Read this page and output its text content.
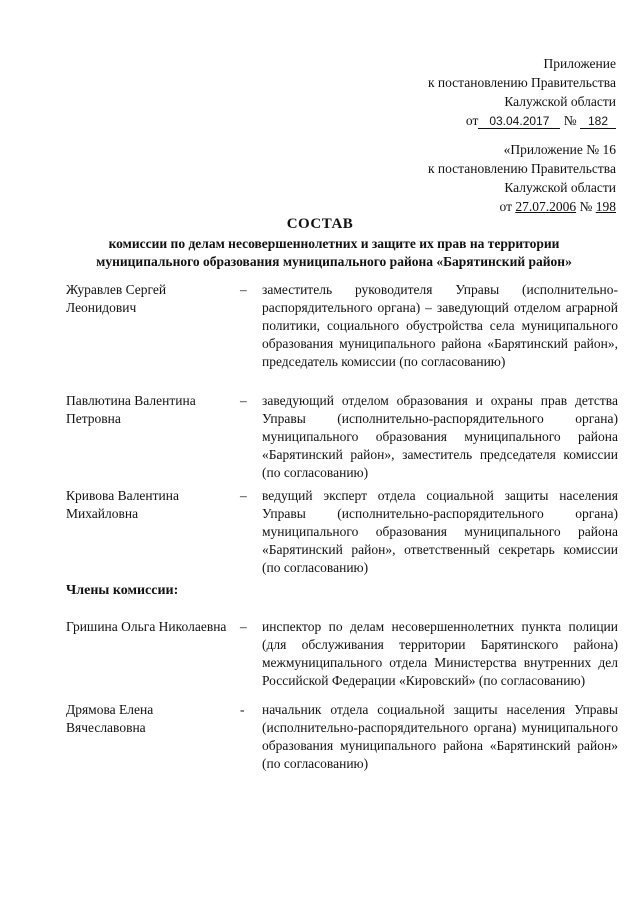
Приложение
к постановлению Правительства
Калужской области
от 03.04.2017 № 182
«Приложение № 16
к постановлению Правительства
Калужской области
от 27.07.2006 № 198
СОСТАВ
комиссии по делам несовершеннолетних и защите их прав на территории муниципального образования муниципального района «Барятинский район»
Журавлев Сергей Леонидович
– заместитель руководителя Управы (исполнительно-распорядительного органа) – заведующий отделом аграрной политики, социального обустройства села муниципального образования муниципального района «Барятинский район», председатель комиссии (по согласованию)
Павлютина Валентина Петровна
– заведующий отделом образования и охраны прав детства Управы (исполнительно-распорядительного органа) муниципального образования муниципального района «Барятинский район», заместитель председателя комиссии (по согласованию)
Кривова Валентина Михайловна
– ведущий эксперт отдела социальной защиты населения Управы (исполнительно-распорядительного органа) муниципального образования муниципального района «Барятинский район», ответственный секретарь комиссии (по согласованию)
Члены комиссии:
Гришина Ольга Николаевна	– инспектор по делам несовершеннолетних пункта полиции (для обслуживания территории Барятинского района) межмуниципального отдела Министерства внутренних дел Российской Федерации «Кировский» (по согласованию)
Дрямова Елена Вячеславовна
- начальник отдела социальной защиты населения Управы (исполнительно-распорядительного органа) муниципального образования муниципального района «Барятинский район» (по согласованию)
